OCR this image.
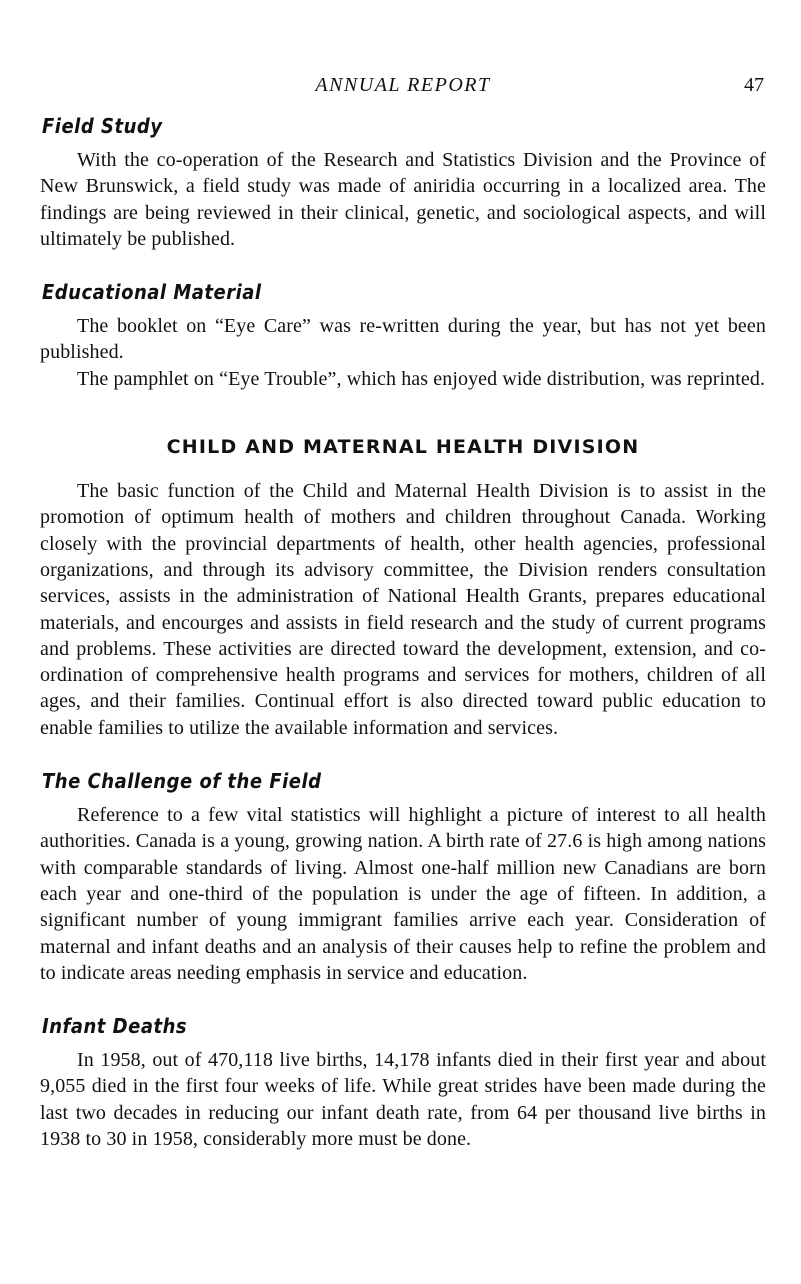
ANNUAL REPORT	47
Field Study

With the co-operation of the Research and Statistics Division and the Province of New Brunswick, a field study was made of aniridia occurring in a localized area. The findings are being reviewed in their clinical, genetic, and sociological aspects, and will ultimately be published.

Educational Material

The booklet on “Eye Care” was re-written during the year, but has not yet been published.

The pamphlet on “Eye Trouble”, which has enjoyed wide distribution, was reprinted.

CHILD AND MATERNAL HEALTH DIVISION

The basic function of the Child and Maternal Health Division is to assist in the promotion of optimum health of mothers and children throughout Canada. Working closely with the provincial departments of health, other health agencies, professional organizations, and through its advisory committee, the Division renders consultation services, assists in the administration of National Health Grants, prepares educational materials, and encourges and assists in field research and the study of current programs and problems. These activities are directed toward the development, extension, and co-ordination of comprehensive health programs and services for mothers, children of all ages, and their families. Continual effort is also directed toward public education to enable families to utilize the available information and services.

The Challenge of the Field

Reference to a few vital statistics will highlight a picture of interest to all health authorities. Canada is a young, growing nation. A birth rate of 27.6 is high among nations with comparable standards of living. Almost one-half million new Canadians are born each year and one-third of the population is under the age of fifteen. In addition, a significant number of young immigrant families arrive each year. Consideration of maternal and infant deaths and an analysis of their causes help to refine the problem and to indicate areas needing emphasis in service and education.

Infant Deaths

In 1958, out of 470,118 live births, 14,178 infants died in their first year and about 9,055 died in the first four weeks of life. While great strides have been made during the last two decades in reducing our infant death rate, from 64 per thousand live births in 1938 to 30 in 1958, considerably more must be done.
